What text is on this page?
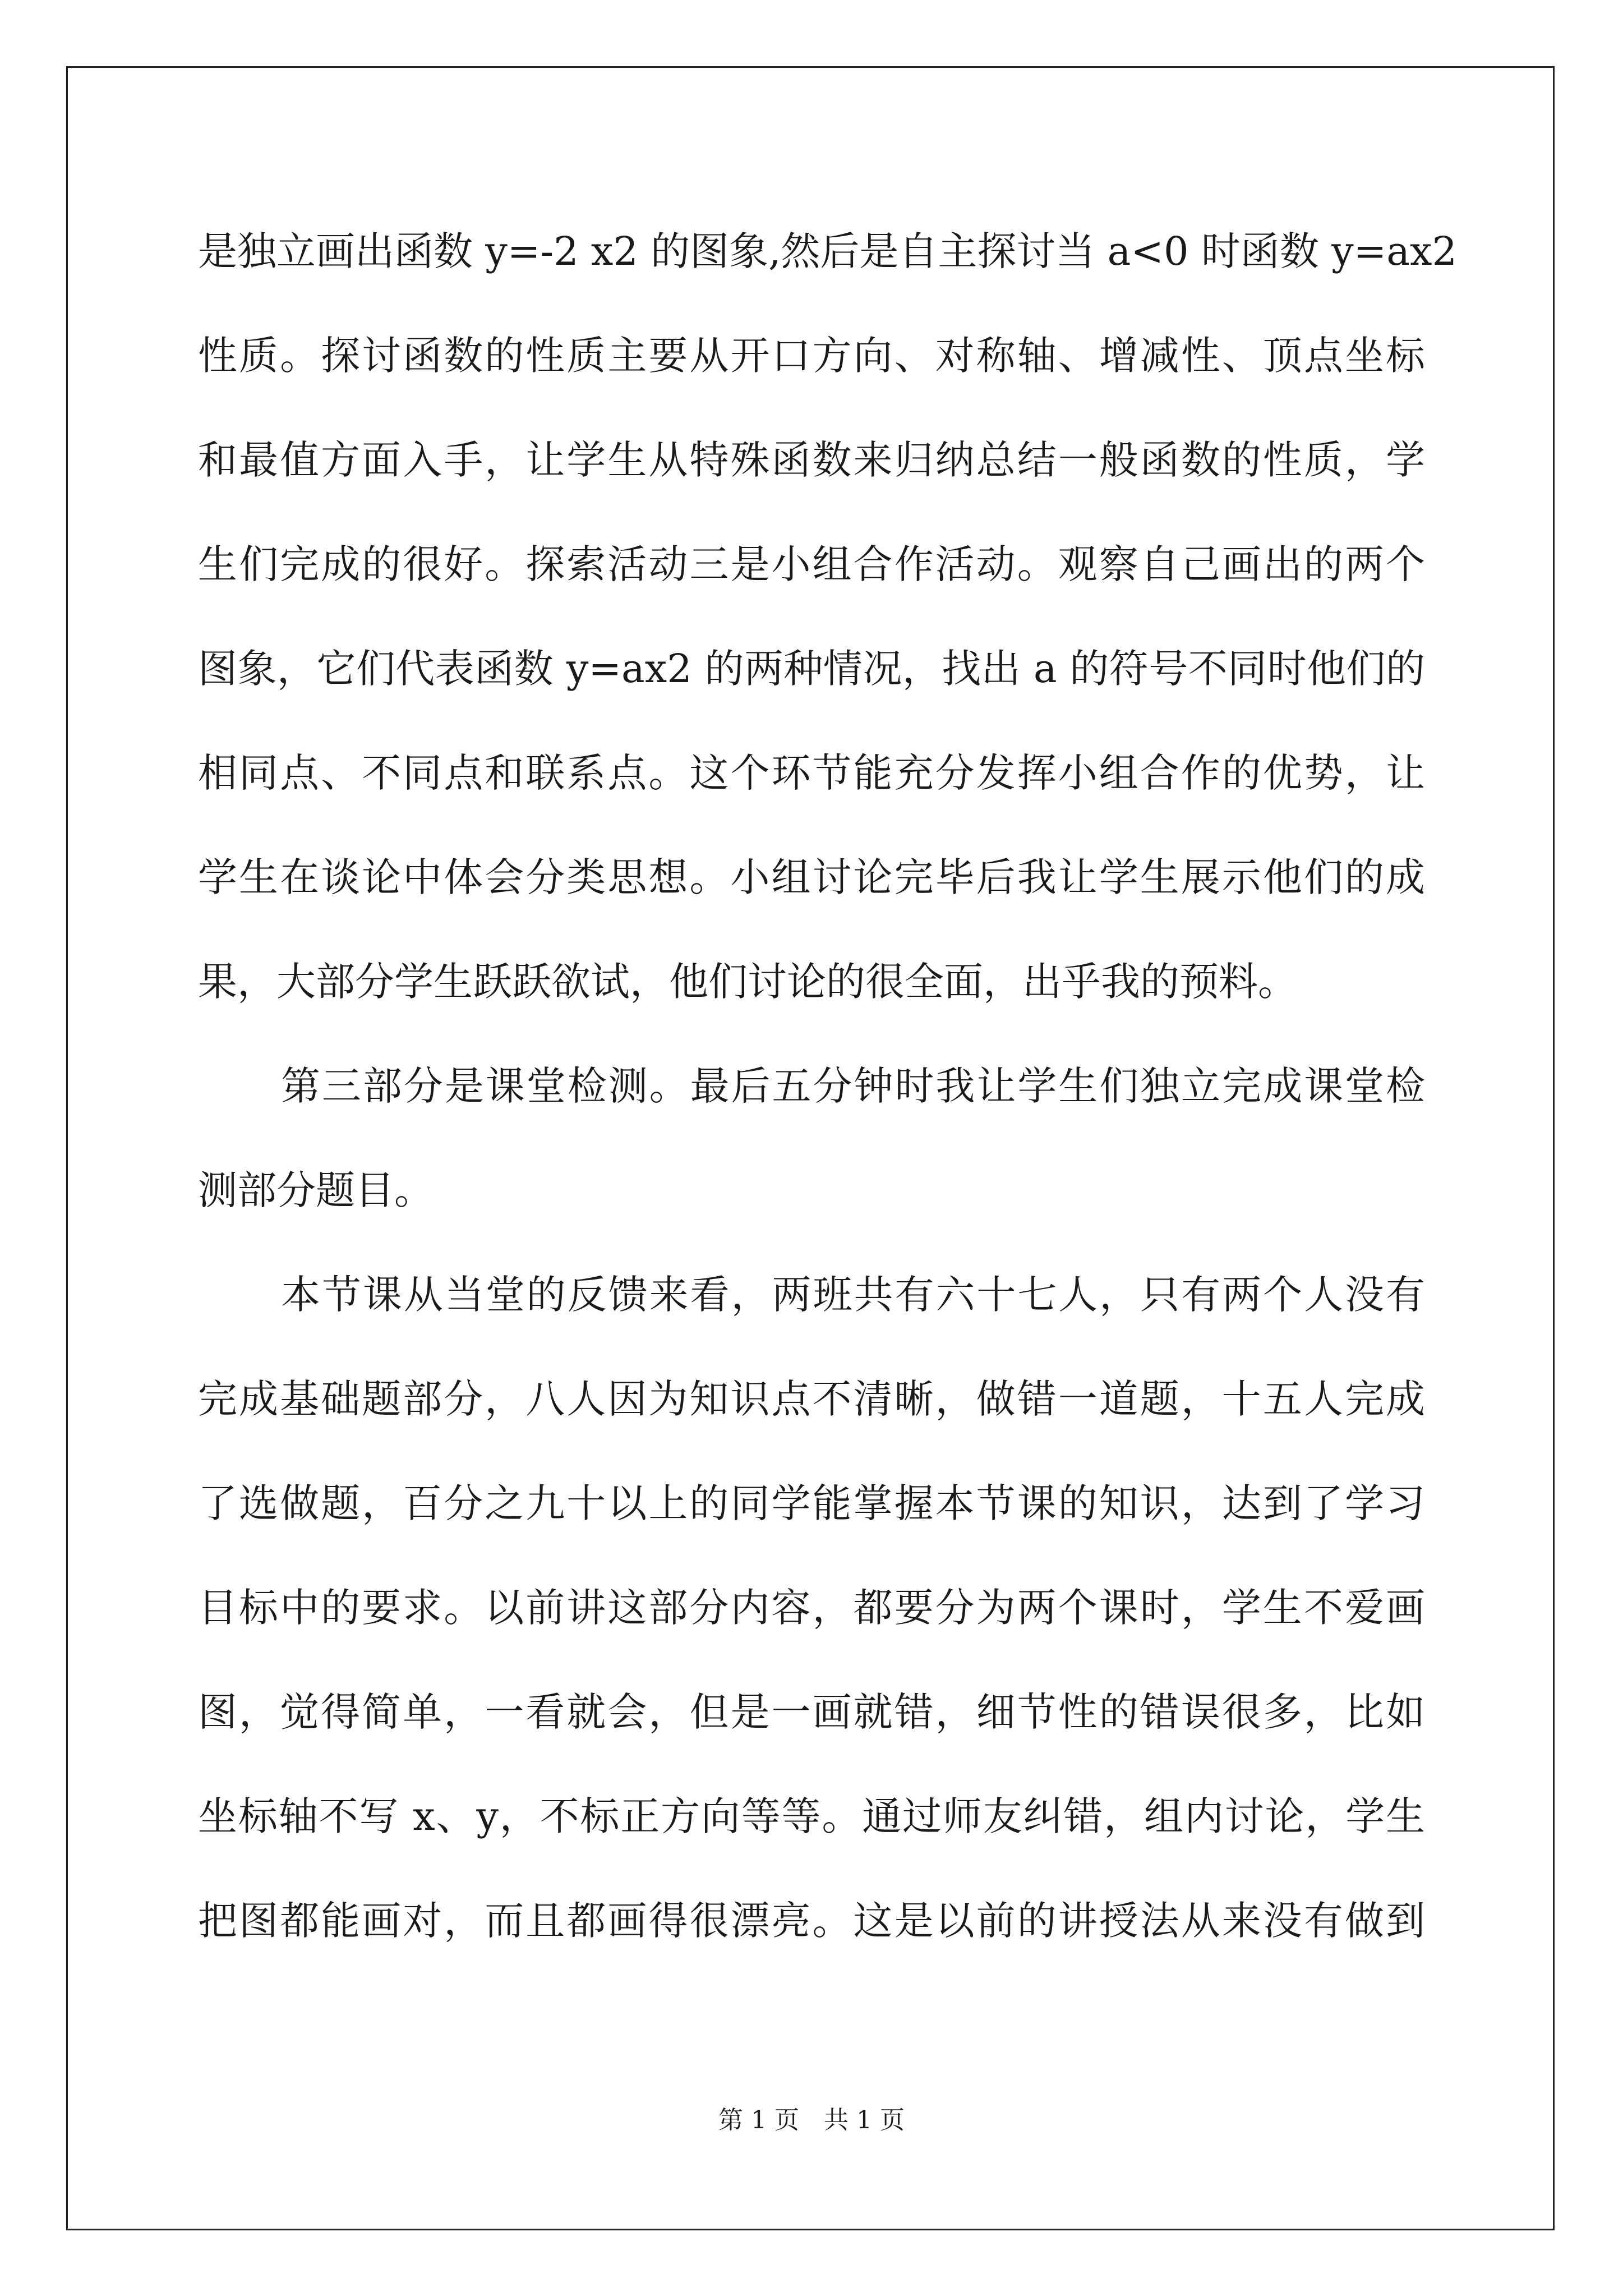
是独立画出函数 y=-2 x2 的图象,然后是自主探讨当 a<0 时函数 y=ax2
性质。探讨函数的性质主要从开口方向、对称轴、增减性、顶点坐标
和最值方面入手，让学生从特殊函数来归纳总结一般函数的性质，学
生们完成的很好。探索活动三是小组合作活动。观察自己画出的两个
图象，它们代表函数 y=ax2 的两种情况，找出 a 的符号不同时他们的
相同点、不同点和联系点。这个环节能充分发挥小组合作的优势，让
学生在谈论中体会分类思想。小组讨论完毕后我让学生展示他们的成
果，大部分学生跃跃欲试，他们讨论的很全面，出乎我的预料。
第三部分是课堂检测。最后五分钟时我让学生们独立完成课堂检
测部分题目。
本节课从当堂的反馈来看，两班共有六十七人，只有两个人没有
完成基础题部分，八人因为知识点不清晰，做错一道题，十五人完成
了选做题，百分之九十以上的同学能掌握本节课的知识，达到了学习
目标中的要求。以前讲这部分内容，都要分为两个课时，学生不爱画
图，觉得简单，一看就会，但是一画就错，细节性的错误很多，比如
坐标轴不写 x、y，不标正方向等等。通过师友纠错，组内讨论，学生
把图都能画对，而且都画得很漂亮。这是以前的讲授法从来没有做到
第 1 页　共 1 页
